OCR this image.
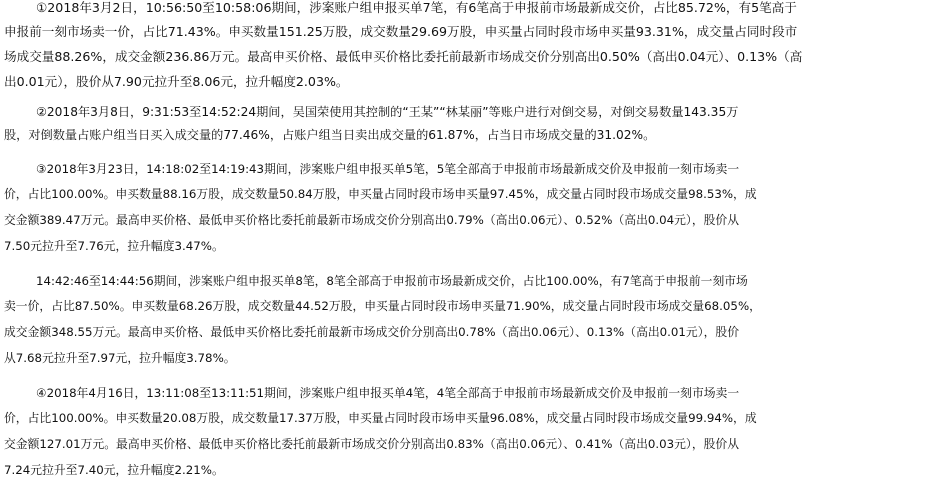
①2018年3月2日，10:56:50至10:58:06期间，涉案账户组申报买单7笔，有6笔高于申报前市场最新成交价，占比85.72%，有5笔高于
申报前一刻市场卖一价，占比71.43%。申买数量151.25万股，成交数量29.69万股，申买量占同时段市场申买量93.31%，成交量占同时段市
场成交量88.26%，成交金额236.86万元。最高申买价格、最低申买价格比委托前最新市场成交价分别高出0.50%（高出0.04元）、0.13%（高
出0.01元），股价从7.90元拉升至8.06元，拉升幅度2.03%。
②2018年3月8日，9:31:53至14:52:24期间，吴国荣使用其控制的“王某”“林某丽”等账户进行对倒交易，对倒交易数量143.35万
股，对倒数量占账户组当日买入成交量的77.46%，占账户组当日卖出成交量的61.87%，占当日市场成交量的31.02%。
③2018年3月23日，14:18:02至14:19:43期间，涉案账户组申报买单5笔，5笔全部高于申报前市场最新成交价及申报前一刻市场卖一
价，占比100.00%。申买数量88.16万股，成交数量50.84万股，申买量占同时段市场申买量97.45%，成交量占同时段市场成交量98.53%，成
交金额389.47万元。最高申买价格、最低申买价格比委托前最新市场成交价分别高出0.79%（高出0.06元）、0.52%（高出0.04元），股价从
7.50元拉升至7.76元，拉升幅度3.47%。
14:42:46至14:44:56期间，涉案账户组申报买单8笔，8笔全部高于申报前市场最新成交价，占比100.00%，有7笔高于申报前一刻市场
卖一价，占比87.50%。申买数量68.26万股，成交数量44.52万股，申买量占同时段市场申买量71.90%，成交量占同时段市场成交量68.05%，
成交金额348.55万元。最高申买价格、最低申买价格比委托前最新市场成交价分别高出0.78%（高出0.06元）、0.13%（高出0.01元），股价
从7.68元拉升至7.97元，拉升幅度3.78%。
④2018年4月16日，13:11:08至13:11:51期间，涉案账户组申报买单4笔，4笔全部高于申报前市场最新成交价及申报前一刻市场卖一
价，占比100.00%。申买数量20.08万股，成交数量17.37万股，申买量占同时段市场申买量96.08%，成交量占同时段市场成交量99.94%，成
交金额127.01万元。最高申买价格、最低申买价格比委托前最新市场成交价分别高出0.83%（高出0.06元）、0.41%（高出0.03元），股价从
7.24元拉升至7.40元，拉升幅度2.21%。
